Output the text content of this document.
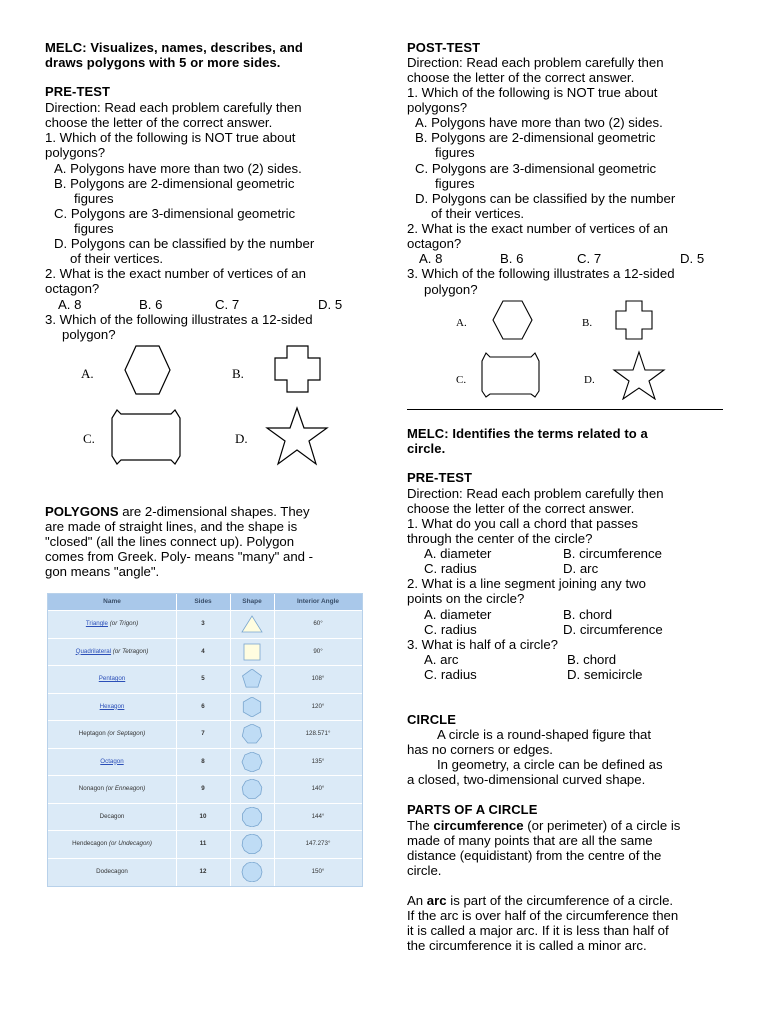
MELC: Visualizes, names, describes, and
draws polygons with 5 or more sides.
PRE-TEST
Direction: Read each problem carefully then
choose the letter of the correct answer.
1. Which of the following is NOT true about
polygons?
A. Polygons have more than two (2) sides.
B. Polygons are 2-dimensional geometric
figures
C. Polygons are 3-dimensional geometric
figures
D. Polygons can be classified by the number
of their vertices.
2. What is the exact number of vertices of an
octagon?
A. 8	B. 6	C. 7	D. 5
3. Which of the following illustrates a 12-sided
polygon?
A.	B.
C.	D.
POLYGONS are 2-dimensional shapes. They
are made of straight lines, and the shape is
"closed" (all the lines connect up). Polygon
comes from Greek. Poly- means "many" and -
gon means "angle".
Name	Sides	Shape	Interior Angle
Triangle (or Trigon)	3	60°
Quadrilateral (or Tetragon)	4	90°
Pentagon	5	108°
Hexagon	6	120°
Heptagon (or Septagon)	7	128.571°
Octagon	8	135°
Nonagon (or Enneagon)	9	140°
Decagon	10	144°
Hendecagon (or Undecagon)	11	147.273°
Dodecagon	12	150°
POST-TEST
Direction: Read each problem carefully then
choose the letter of the correct answer.
1. Which of the following is NOT true about
polygons?
A. Polygons have more than two (2) sides.
B. Polygons are 2-dimensional geometric
figures
C. Polygons are 3-dimensional geometric
figures
D. Polygons can be classified by the number
of their vertices.
2. What is the exact number of vertices of an
octagon?
A. 8	B. 6	C. 7	D. 5
3. Which of the following illustrates a 12-sided
polygon?
A.	B.
C.	D.
MELC: Identifies the terms related to a
circle.
PRE-TEST
Direction: Read each problem carefully then
choose the letter of the correct answer.
1. What do you call a chord that passes
through the center of the circle?
A. diameter	B. circumference
C. radius	D. arc
2. What is a line segment joining any two
points on the circle?
A. diameter	B. chord
C. radius	D. circumference
3. What is half of a circle?
A. arc	B. chord
C. radius	D. semicircle
CIRCLE
A circle is a round-shaped figure that
has no corners or edges.
In geometry, a circle can be defined as
a closed, two-dimensional curved shape.
PARTS OF A CIRCLE
The circumference (or perimeter) of a circle is
made of many points that are all the same
distance (equidistant) from the centre of the
circle.
An arc is part of the circumference of a circle.
If the arc is over half of the circumference then
it is called a major arc. If it is less than half of
the circumference it is called a minor arc.
